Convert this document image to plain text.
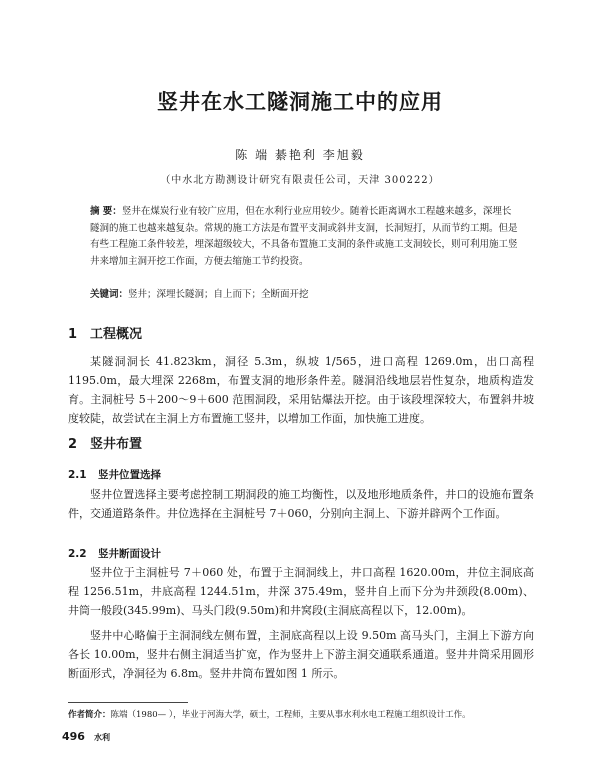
竖井在水工隧洞施工中的应用
陈 端 綦艳利 李旭毅
（中水北方勘测设计研究有限责任公司，天津 300222）
摘 要：竖井在煤炭行业有较广应用，但在水利行业应用较少。随着长距离调水工程越来越多，深埋长隧洞的施工也越来越复杂。常规的施工方法是布置平支洞或斜井支洞，长洞短打，从而节约工期。但是有些工程施工条件较差，埋深超级较大，不具备布置施工支洞的条件或施工支洞较长，则可利用施工竖井来增加主洞开挖工作面，方便去缩施工节约投资。
关键词：竖井；深埋长隧洞；自上而下；全断面开挖
1 工程概况
某隧洞洞长 41.823km，洞径 5.3m，纵坡 1/565，进口高程 1269.0m，出口高程 1195.0m，最大埋深 2268m，布置支洞的地形条件差。隧洞沿线地层岩性复杂，地质构造发育。主洞桩号 5＋200～9＋600 范围洞段，采用钻爆法开挖。由于该段埋深较大，布置斜井坡度较陡，故尝试在主洞上方布置施工竖井，以增加工作面，加快施工进度。
2 竖井布置
2.1 竖井位置选择
竖井位置选择主要考虑控制工期洞段的施工均衡性，以及地形地质条件，井口的设施布置条件，交通道路条件。井位选择在主洞桩号 7＋060，分别向主洞上、下游并辟两个工作面。
2.2 竖井断面设计
竖井位于主洞桩号 7＋060 处，布置于主洞洞线上，井口高程 1620.00m，井位主洞底高程 1256.51m，井底高程 1244.51m，井深 375.49m，竖井自上而下分为井颈段(8.00m)、井筒一般段(345.99m)、马头门段(9.50m)和井窝段(主洞底高程以下，12.00m)。
竖井中心略偏于主洞洞线左侧布置，主洞底高程以上设 9.50m 高马头门，主洞上下游方向各长 10.00m，竖井右侧主洞适当扩宽，作为竖井上下游主洞交通联系通道。竖井井筒采用圆形断面形式，净洞径为 6.8m。竖井井筒布置如图 1 所示。
作者简介：陈端（1980— ），毕业于河海大学，硕士，工程师，主要从事水利水电工程施工组织设计工作。
496 水利
